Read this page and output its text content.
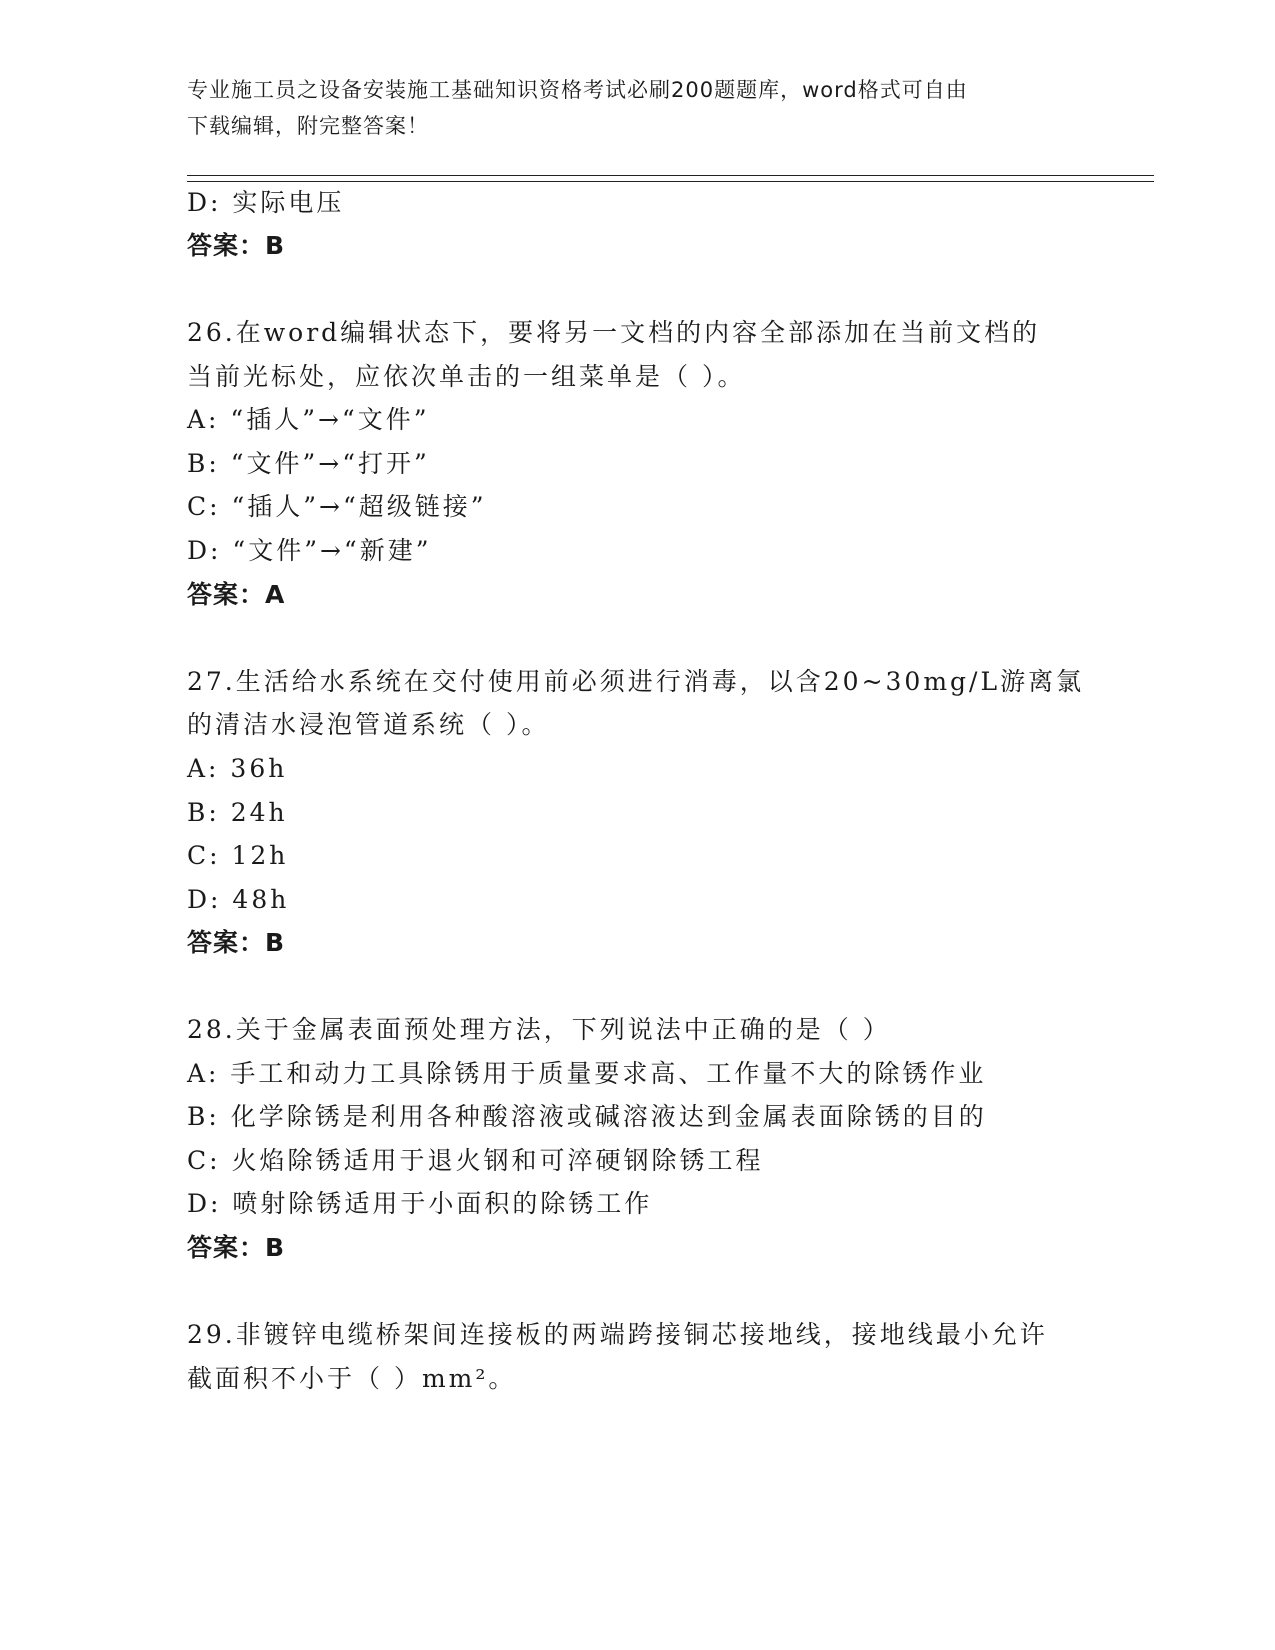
专业施工员之设备安装施工基础知识资格考试必刷200题题库，word格式可自由
下载编辑，附完整答案！
D: 实际电压
答案：B
26.在word编辑状态下，要将另一文档的内容全部添加在当前文档的
当前光标处，应依次单击的一组菜单是（ ）。
A: “插人”→“文件”
B: “文件”→“打开”
C: “插人”→“超级链接”
D: “文件”→“新建”
答案：A
27.生活给水系统在交付使用前必须进行消毒，以含20~30mg/L游离氯
的清洁水浸泡管道系统（ ）。
A: 36h
B: 24h
C: 12h
D: 48h
答案：B
28.关于金属表面预处理方法，下列说法中正确的是（ ）
A: 手工和动力工具除锈用于质量要求高、工作量不大的除锈作业
B: 化学除锈是利用各种酸溶液或碱溶液达到金属表面除锈的目的
C: 火焰除锈适用于退火钢和可淬硬钢除锈工程
D: 喷射除锈适用于小面积的除锈工作
答案：B
29.非镀锌电缆桥架间连接板的两端跨接铜芯接地线，接地线最小允许
截面积不小于（ ）mm²。
